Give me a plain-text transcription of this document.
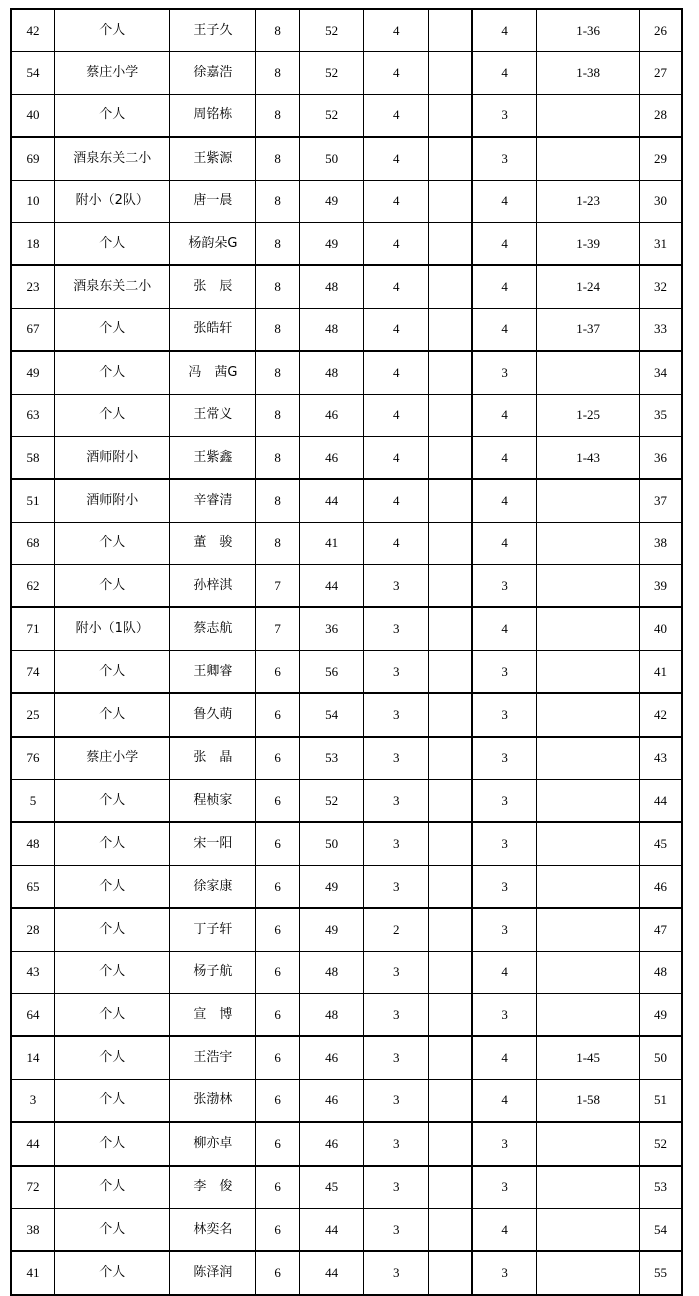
42	个人	王子久	8	52	4		4	1-36	26
54	蔡庄小学	徐嘉浩	8	52	4		4	1-38	27
40	个人	周铭栋	8	52	4		3		28
69	酒泉东关二小	王紫源	8	50	4		3		29
10	附小（2队）	唐一晨	8	49	4		4	1-23	30
18	个人	杨韵朵G	8	49	4		4	1-39	31
23	酒泉东关二小	张　辰	8	48	4		4	1-24	32
67	个人	张皓轩	8	48	4		4	1-37	33
49	个人	冯　茜G	8	48	4		3		34
63	个人	王常义	8	46	4		4	1-25	35
58	酒师附小	王紫鑫	8	46	4		4	1-43	36
51	酒师附小	辛睿清	8	44	4		4		37
68	个人	董　骏	8	41	4		4		38
62	个人	孙梓淇	7	44	3		3		39
71	附小（1队）	蔡志航	7	36	3		4		40
74	个人	王卿睿	6	56	3		3		41
25	个人	鲁久萌	6	54	3		3		42
76	蔡庄小学	张　晶	6	53	3		3		43
5	个人	程桢家	6	52	3		3		44
48	个人	宋一阳	6	50	3		3		45
65	个人	徐家康	6	49	3		3		46
28	个人	丁子轩	6	49	2		3		47
43	个人	杨子航	6	48	3		4		48
64	个人	宣　博	6	48	3		3		49
14	个人	王浩宇	6	46	3		4	1-45	50
3	个人	张渤林	6	46	3		4	1-58	51
44	个人	柳亦卓	6	46	3		3		52
72	个人	李　俊	6	45	3		3		53
38	个人	林奕名	6	44	3		4		54
41	个人	陈泽润	6	44	3		3		55
